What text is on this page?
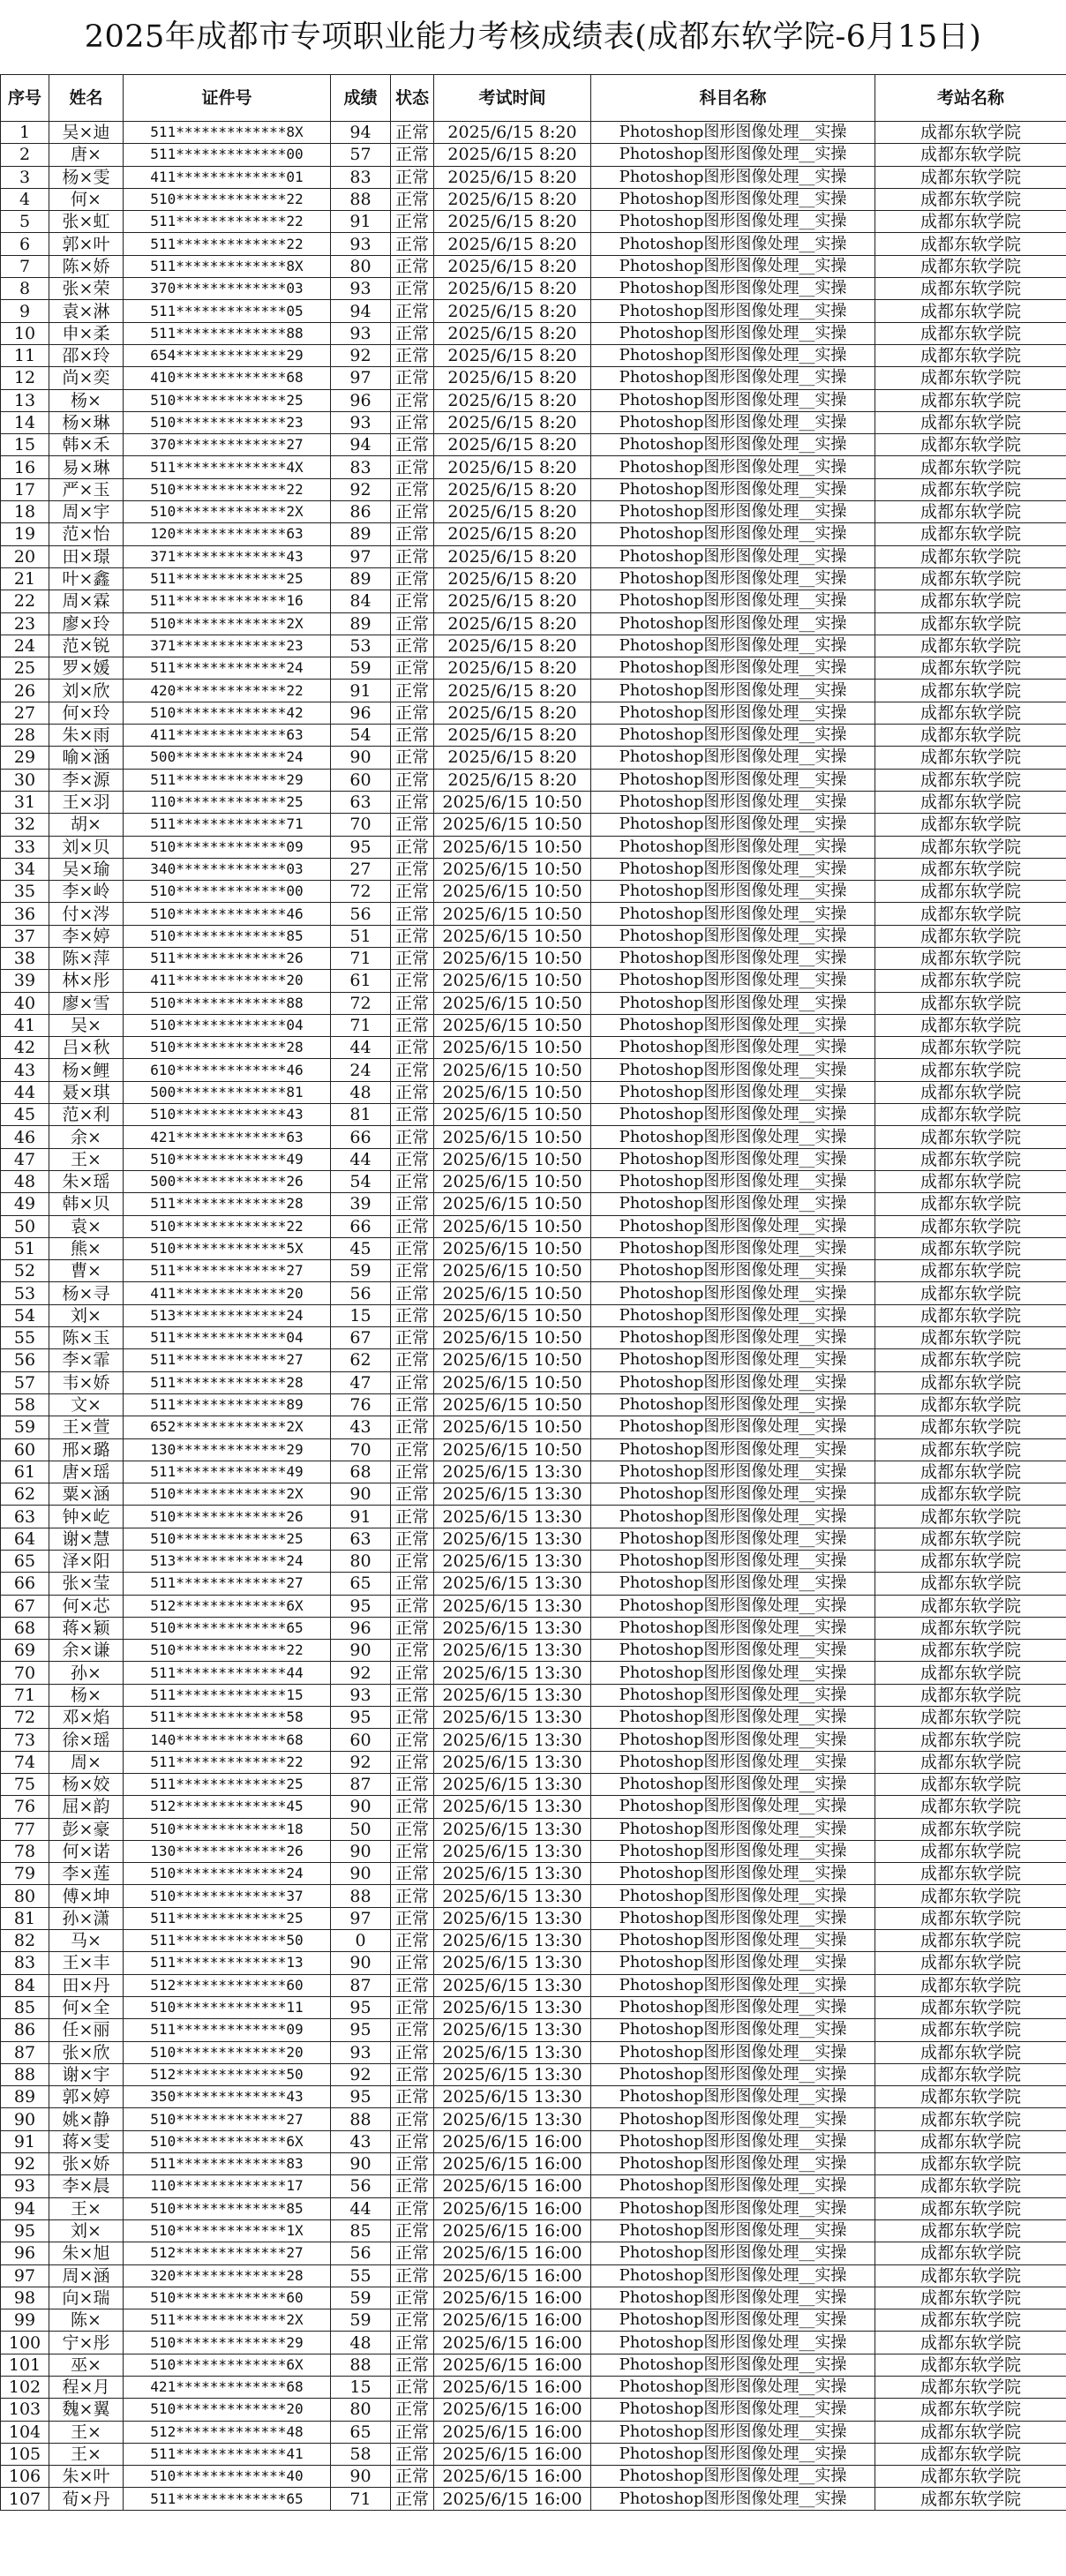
2025年成都市专项职业能力考核成绩表(成都东软学院-6月15日)
序号	姓名	证件号	成绩	状态	考试时间	科目名称	考站名称
1	吴×迪	511*************8X	94	正常	2025/6/15 8:20	Photoshop图形图像处理__实操	成都东软学院
2	唐×	511*************00	57	正常	2025/6/15 8:20	Photoshop图形图像处理__实操	成都东软学院
3	杨×雯	411*************01	83	正常	2025/6/15 8:20	Photoshop图形图像处理__实操	成都东软学院
4	何×	510*************22	88	正常	2025/6/15 8:20	Photoshop图形图像处理__实操	成都东软学院
5	张×虹	511*************22	91	正常	2025/6/15 8:20	Photoshop图形图像处理__实操	成都东软学院
6	郭×叶	511*************22	93	正常	2025/6/15 8:20	Photoshop图形图像处理__实操	成都东软学院
7	陈×娇	511*************8X	80	正常	2025/6/15 8:20	Photoshop图形图像处理__实操	成都东软学院
8	张×荣	370*************03	93	正常	2025/6/15 8:20	Photoshop图形图像处理__实操	成都东软学院
9	袁×淋	511*************05	94	正常	2025/6/15 8:20	Photoshop图形图像处理__实操	成都东软学院
10	申×柔	511*************88	93	正常	2025/6/15 8:20	Photoshop图形图像处理__实操	成都东软学院
11	邵×玲	654*************29	92	正常	2025/6/15 8:20	Photoshop图形图像处理__实操	成都东软学院
12	尚×奕	410*************68	97	正常	2025/6/15 8:20	Photoshop图形图像处理__实操	成都东软学院
13	杨×	510*************25	96	正常	2025/6/15 8:20	Photoshop图形图像处理__实操	成都东软学院
14	杨×琳	510*************23	93	正常	2025/6/15 8:20	Photoshop图形图像处理__实操	成都东软学院
15	韩×禾	370*************27	94	正常	2025/6/15 8:20	Photoshop图形图像处理__实操	成都东软学院
16	易×琳	511*************4X	83	正常	2025/6/15 8:20	Photoshop图形图像处理__实操	成都东软学院
17	严×玉	510*************22	92	正常	2025/6/15 8:20	Photoshop图形图像处理__实操	成都东软学院
18	周×宇	510*************2X	86	正常	2025/6/15 8:20	Photoshop图形图像处理__实操	成都东软学院
19	范×怡	120*************63	89	正常	2025/6/15 8:20	Photoshop图形图像处理__实操	成都东软学院
20	田×璟	371*************43	97	正常	2025/6/15 8:20	Photoshop图形图像处理__实操	成都东软学院
21	叶×鑫	511*************25	89	正常	2025/6/15 8:20	Photoshop图形图像处理__实操	成都东软学院
22	周×霖	511*************16	84	正常	2025/6/15 8:20	Photoshop图形图像处理__实操	成都东软学院
23	廖×玲	510*************2X	89	正常	2025/6/15 8:20	Photoshop图形图像处理__实操	成都东软学院
24	范×锐	371*************23	53	正常	2025/6/15 8:20	Photoshop图形图像处理__实操	成都东软学院
25	罗×媛	511*************24	59	正常	2025/6/15 8:20	Photoshop图形图像处理__实操	成都东软学院
26	刘×欣	420*************22	91	正常	2025/6/15 8:20	Photoshop图形图像处理__实操	成都东软学院
27	何×玲	510*************42	96	正常	2025/6/15 8:20	Photoshop图形图像处理__实操	成都东软学院
28	朱×雨	411*************63	54	正常	2025/6/15 8:20	Photoshop图形图像处理__实操	成都东软学院
29	喻×涵	500*************24	90	正常	2025/6/15 8:20	Photoshop图形图像处理__实操	成都东软学院
30	李×源	511*************29	60	正常	2025/6/15 8:20	Photoshop图形图像处理__实操	成都东软学院
31	王×羽	110*************25	63	正常	2025/6/15 10:50	Photoshop图形图像处理__实操	成都东软学院
32	胡×	511*************71	70	正常	2025/6/15 10:50	Photoshop图形图像处理__实操	成都东软学院
33	刘×贝	510*************09	95	正常	2025/6/15 10:50	Photoshop图形图像处理__实操	成都东软学院
34	吴×瑜	340*************03	27	正常	2025/6/15 10:50	Photoshop图形图像处理__实操	成都东软学院
35	李×岭	510*************00	72	正常	2025/6/15 10:50	Photoshop图形图像处理__实操	成都东软学院
36	付×涔	510*************46	56	正常	2025/6/15 10:50	Photoshop图形图像处理__实操	成都东软学院
37	李×婷	510*************85	51	正常	2025/6/15 10:50	Photoshop图形图像处理__实操	成都东软学院
38	陈×萍	511*************26	71	正常	2025/6/15 10:50	Photoshop图形图像处理__实操	成都东软学院
39	林×彤	411*************20	61	正常	2025/6/15 10:50	Photoshop图形图像处理__实操	成都东软学院
40	廖×雪	510*************88	72	正常	2025/6/15 10:50	Photoshop图形图像处理__实操	成都东软学院
41	吴×	510*************04	71	正常	2025/6/15 10:50	Photoshop图形图像处理__实操	成都东软学院
42	吕×秋	510*************28	44	正常	2025/6/15 10:50	Photoshop图形图像处理__实操	成都东软学院
43	杨×鲤	610*************46	24	正常	2025/6/15 10:50	Photoshop图形图像处理__实操	成都东软学院
44	聂×琪	500*************81	48	正常	2025/6/15 10:50	Photoshop图形图像处理__实操	成都东软学院
45	范×利	510*************43	81	正常	2025/6/15 10:50	Photoshop图形图像处理__实操	成都东软学院
46	余×	421*************63	66	正常	2025/6/15 10:50	Photoshop图形图像处理__实操	成都东软学院
47	王×	510*************49	44	正常	2025/6/15 10:50	Photoshop图形图像处理__实操	成都东软学院
48	朱×瑶	500*************26	54	正常	2025/6/15 10:50	Photoshop图形图像处理__实操	成都东软学院
49	韩×贝	511*************28	39	正常	2025/6/15 10:50	Photoshop图形图像处理__实操	成都东软学院
50	袁×	510*************22	66	正常	2025/6/15 10:50	Photoshop图形图像处理__实操	成都东软学院
51	熊×	510*************5X	45	正常	2025/6/15 10:50	Photoshop图形图像处理__实操	成都东软学院
52	曹×	511*************27	59	正常	2025/6/15 10:50	Photoshop图形图像处理__实操	成都东软学院
53	杨×寻	411*************20	56	正常	2025/6/15 10:50	Photoshop图形图像处理__实操	成都东软学院
54	刘×	513*************24	15	正常	2025/6/15 10:50	Photoshop图形图像处理__实操	成都东软学院
55	陈×玉	511*************04	67	正常	2025/6/15 10:50	Photoshop图形图像处理__实操	成都东软学院
56	李×霏	511*************27	62	正常	2025/6/15 10:50	Photoshop图形图像处理__实操	成都东软学院
57	韦×娇	511*************28	47	正常	2025/6/15 10:50	Photoshop图形图像处理__实操	成都东软学院
58	文×	511*************89	76	正常	2025/6/15 10:50	Photoshop图形图像处理__实操	成都东软学院
59	王×萱	652*************2X	43	正常	2025/6/15 10:50	Photoshop图形图像处理__实操	成都东软学院
60	邢×璐	130*************29	70	正常	2025/6/15 10:50	Photoshop图形图像处理__实操	成都东软学院
61	唐×瑶	511*************49	68	正常	2025/6/15 13:30	Photoshop图形图像处理__实操	成都东软学院
62	粟×涵	510*************2X	90	正常	2025/6/15 13:30	Photoshop图形图像处理__实操	成都东软学院
63	钟×屹	510*************26	91	正常	2025/6/15 13:30	Photoshop图形图像处理__实操	成都东软学院
64	谢×慧	510*************25	63	正常	2025/6/15 13:30	Photoshop图形图像处理__实操	成都东软学院
65	泽×阳	513*************24	80	正常	2025/6/15 13:30	Photoshop图形图像处理__实操	成都东软学院
66	张×莹	511*************27	65	正常	2025/6/15 13:30	Photoshop图形图像处理__实操	成都东软学院
67	何×芯	512*************6X	95	正常	2025/6/15 13:30	Photoshop图形图像处理__实操	成都东软学院
68	蒋×颖	510*************65	96	正常	2025/6/15 13:30	Photoshop图形图像处理__实操	成都东软学院
69	余×谦	510*************22	90	正常	2025/6/15 13:30	Photoshop图形图像处理__实操	成都东软学院
70	孙×	511*************44	92	正常	2025/6/15 13:30	Photoshop图形图像处理__实操	成都东软学院
71	杨×	511*************15	93	正常	2025/6/15 13:30	Photoshop图形图像处理__实操	成都东软学院
72	邓×焰	511*************58	95	正常	2025/6/15 13:30	Photoshop图形图像处理__实操	成都东软学院
73	徐×瑶	140*************68	60	正常	2025/6/15 13:30	Photoshop图形图像处理__实操	成都东软学院
74	周×	511*************22	92	正常	2025/6/15 13:30	Photoshop图形图像处理__实操	成都东软学院
75	杨×姣	511*************25	87	正常	2025/6/15 13:30	Photoshop图形图像处理__实操	成都东软学院
76	屈×韵	512*************45	90	正常	2025/6/15 13:30	Photoshop图形图像处理__实操	成都东软学院
77	彭×豪	510*************18	50	正常	2025/6/15 13:30	Photoshop图形图像处理__实操	成都东软学院
78	何×诺	130*************26	90	正常	2025/6/15 13:30	Photoshop图形图像处理__实操	成都东软学院
79	李×莲	510*************24	90	正常	2025/6/15 13:30	Photoshop图形图像处理__实操	成都东软学院
80	傅×坤	510*************37	88	正常	2025/6/15 13:30	Photoshop图形图像处理__实操	成都东软学院
81	孙×潇	511*************25	97	正常	2025/6/15 13:30	Photoshop图形图像处理__实操	成都东软学院
82	马×	511*************50	0	正常	2025/6/15 13:30	Photoshop图形图像处理__实操	成都东软学院
83	王×丰	511*************13	90	正常	2025/6/15 13:30	Photoshop图形图像处理__实操	成都东软学院
84	田×丹	512*************60	87	正常	2025/6/15 13:30	Photoshop图形图像处理__实操	成都东软学院
85	何×全	510*************11	95	正常	2025/6/15 13:30	Photoshop图形图像处理__实操	成都东软学院
86	任×丽	511*************09	95	正常	2025/6/15 13:30	Photoshop图形图像处理__实操	成都东软学院
87	张×欣	510*************20	93	正常	2025/6/15 13:30	Photoshop图形图像处理__实操	成都东软学院
88	谢×宇	512*************50	92	正常	2025/6/15 13:30	Photoshop图形图像处理__实操	成都东软学院
89	郭×婷	350*************43	95	正常	2025/6/15 13:30	Photoshop图形图像处理__实操	成都东软学院
90	姚×静	510*************27	88	正常	2025/6/15 13:30	Photoshop图形图像处理__实操	成都东软学院
91	蒋×雯	510*************6X	43	正常	2025/6/15 16:00	Photoshop图形图像处理__实操	成都东软学院
92	张×娇	511*************83	90	正常	2025/6/15 16:00	Photoshop图形图像处理__实操	成都东软学院
93	李×晨	110*************17	56	正常	2025/6/15 16:00	Photoshop图形图像处理__实操	成都东软学院
94	王×	510*************85	44	正常	2025/6/15 16:00	Photoshop图形图像处理__实操	成都东软学院
95	刘×	510*************1X	85	正常	2025/6/15 16:00	Photoshop图形图像处理__实操	成都东软学院
96	朱×旭	512*************27	56	正常	2025/6/15 16:00	Photoshop图形图像处理__实操	成都东软学院
97	周×涵	320*************28	55	正常	2025/6/15 16:00	Photoshop图形图像处理__实操	成都东软学院
98	向×瑞	510*************60	59	正常	2025/6/15 16:00	Photoshop图形图像处理__实操	成都东软学院
99	陈×	511*************2X	59	正常	2025/6/15 16:00	Photoshop图形图像处理__实操	成都东软学院
100	宁×彤	510*************29	48	正常	2025/6/15 16:00	Photoshop图形图像处理__实操	成都东软学院
101	巫×	510*************6X	88	正常	2025/6/15 16:00	Photoshop图形图像处理__实操	成都东软学院
102	程×月	421*************68	15	正常	2025/6/15 16:00	Photoshop图形图像处理__实操	成都东软学院
103	魏×翼	510*************20	80	正常	2025/6/15 16:00	Photoshop图形图像处理__实操	成都东软学院
104	王×	512*************48	65	正常	2025/6/15 16:00	Photoshop图形图像处理__实操	成都东软学院
105	王×	511*************41	58	正常	2025/6/15 16:00	Photoshop图形图像处理__实操	成都东软学院
106	朱×叶	510*************40	90	正常	2025/6/15 16:00	Photoshop图形图像处理__实操	成都东软学院
107	荀×丹	511*************65	71	正常	2025/6/15 16:00	Photoshop图形图像处理__实操	成都东软学院
